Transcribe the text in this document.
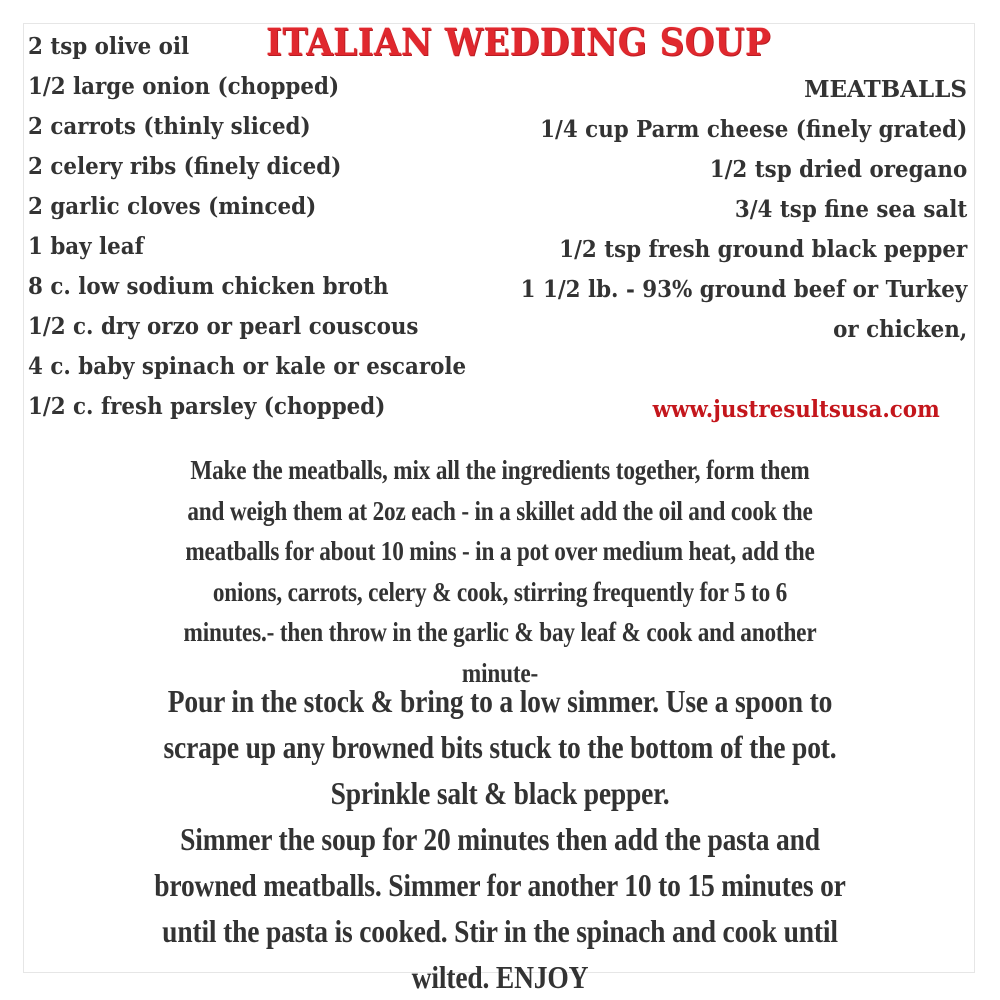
ITALIAN WEDDING SOUP
2 tsp olive oil
1/2 large onion (chopped)
2 carrots (thinly sliced)
2 celery ribs (finely diced)
2 garlic cloves (minced)
1 bay leaf
8 c. low sodium chicken broth
1/2 c. dry orzo or pearl couscous
4 c. baby spinach or kale or escarole
1/2 c. fresh parsley (chopped)
MEATBALLS
1/4 cup Parm cheese (finely grated)
1/2 tsp dried oregano
3/4 tsp fine sea salt
1/2 tsp fresh ground black pepper
1 1/2 lb. - 93% ground beef or Turkey
or chicken,
www.justresultsusa.com
Make the meatballs, mix all the ingredients together, form them
and weigh them at 2oz each - in a skillet add the oil and cook the
meatballs for about 10 mins - in a pot over medium heat, add the
onions, carrots, celery & cook, stirring frequently for 5 to 6
minutes.- then throw in the garlic & bay leaf & cook and another
minute-
Pour in the stock & bring to a low simmer. Use a spoon to
scrape up any browned bits stuck to the bottom of the pot.
Sprinkle salt & black pepper.
Simmer the soup for 20 minutes then add the pasta and
browned meatballs. Simmer for another 10 to 15 minutes or
until the pasta is cooked. Stir in the spinach and cook until
wilted. ENJOY
